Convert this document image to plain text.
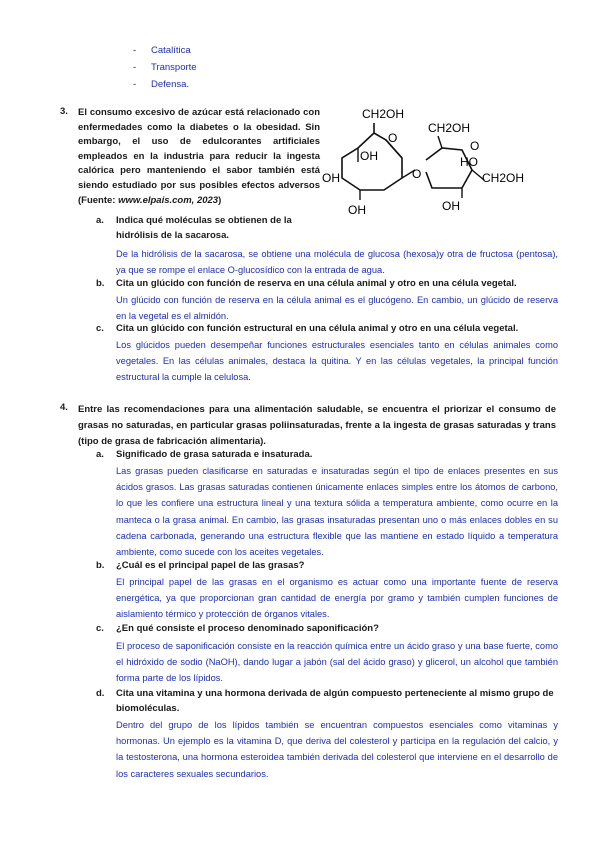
- Catalítica
- Transporte
- Defensa.
3. El consumo excesivo de azúcar está relacionado con enfermedades como la diabetes o la obesidad. Sin embargo, el uso de edulcorantes artificiales empleados en la industria para reducir la ingesta calórica pero manteniendo el sabor también está siendo estudiado por sus posibles efectos adversos (Fuente: www.elpais.com, 2023)
CH2OH
OH
OH
OH
O
O
CH2OH
HO
CH2OH
OH
O
a.	Indica qué moléculas se obtienen de la hidrólisis de la sacarosa.
De la hidrólisis de la sacarosa, se obtiene una molécula de glucosa (hexosa)y otra de fructosa (pentosa), ya que se rompe el enlace O-glucosídico con la entrada de agua.
b.	Cita un glúcido con función de reserva en una célula animal y otro en una célula vegetal.
Un glúcido con función de reserva en la célula animal es el glucógeno. En cambio, un glúcido de reserva en la vegetal es el almidón.
c.	Cita un glúcido con función estructural en una célula animal y otro en una célula vegetal.
Los glúcidos pueden desempeñar funciones estructurales esenciales tanto en células animales como vegetales. En las células animales, destaca la quitina. Y en las células vegetales, la principal función estructural la cumple la celulosa.
4. Entre las recomendaciones para una alimentación saludable, se encuentra el priorizar el consumo de grasas no saturadas, en particular grasas poliinsaturadas, frente a la ingesta de grasas saturadas y trans (tipo de grasa de fabricación alimentaria).
a.	Significado de grasa saturada e insaturada.
Las grasas pueden clasificarse en saturadas e insaturadas según el tipo de enlaces presentes en sus ácidos grasos. Las grasas saturadas contienen únicamente enlaces simples entre los átomos de carbono, lo que les confiere una estructura lineal y una textura sólida a temperatura ambiente, como ocurre en la manteca o la grasa animal. En cambio, las grasas insaturadas presentan uno o más enlaces dobles en su cadena carbonada, generando una estructura flexible que las mantiene en estado líquido a temperatura ambiente, como sucede con los aceites vegetales.
b.	¿Cuál es el principal papel de las grasas?
El principal papel de las grasas en el organismo es actuar como una importante fuente de reserva energética, ya que proporcionan gran cantidad de energía por gramo y también cumplen funciones de aislamiento térmico y protección de órganos vitales.
c.	¿En qué consiste el proceso denominado saponificación?
El proceso de saponificación consiste en la reacción química entre un ácido graso y una base fuerte, como el hidróxido de sodio (NaOH), dando lugar a jabón (sal del ácido graso) y glicerol, un alcohol que también forma parte de los lípidos.
d.	Cita una vitamina y una hormona derivada de algún compuesto perteneciente al mismo grupo de biomoléculas.
Dentro del grupo de los lípidos también se encuentran compuestos esenciales como vitaminas y hormonas. Un ejemplo es la vitamina D, que deriva del colesterol y participa en la regulación del calcio, y la testosterona, una hormona esteroidea también derivada del colesterol que interviene en el desarrollo de los caracteres sexuales secundarios.
